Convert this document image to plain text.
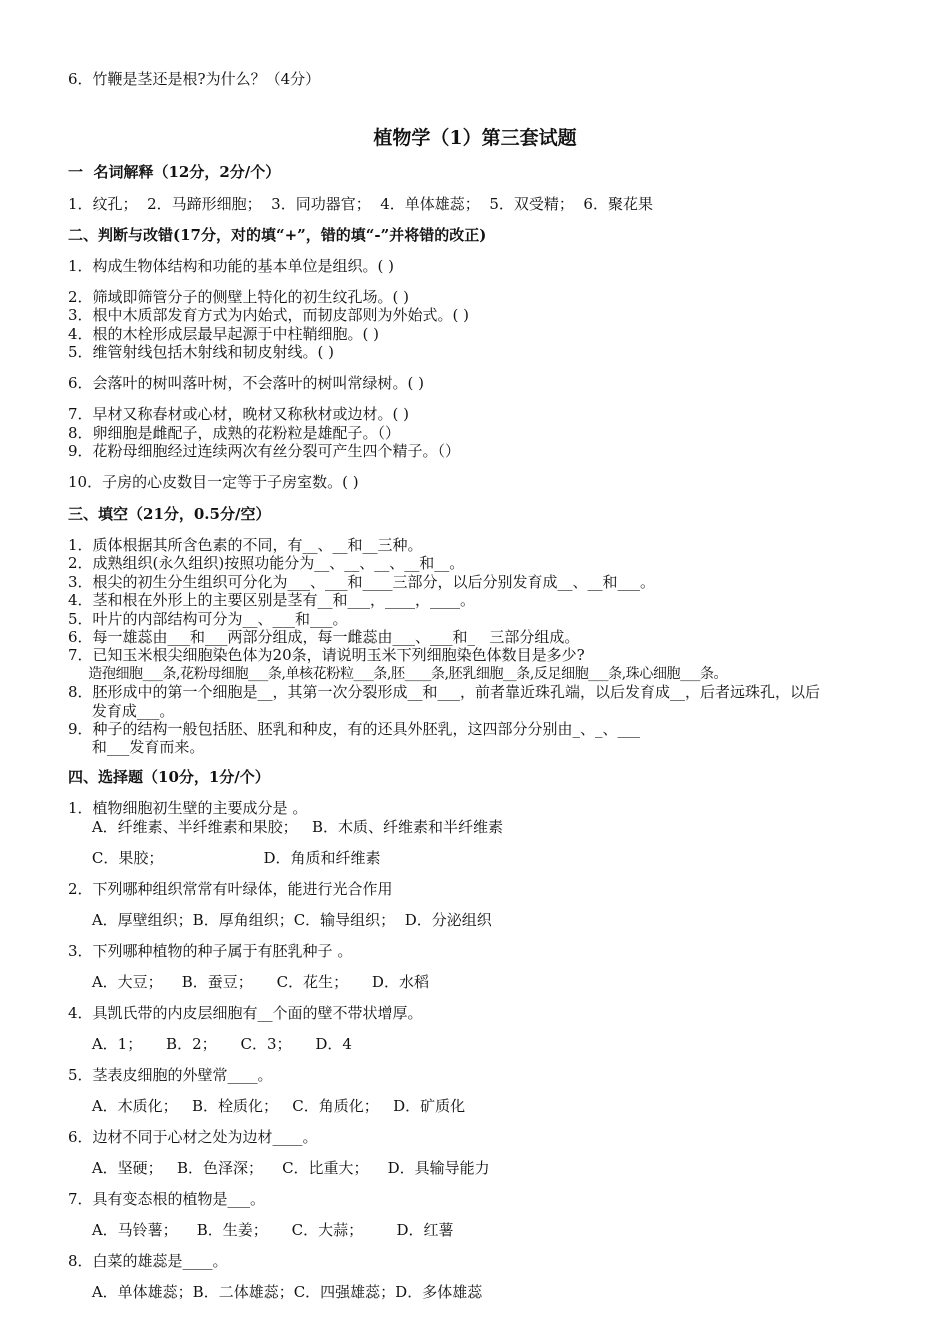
6．竹鞭是茎还是根?为什么？（4分）
植物学（1）第三套试题
一  名词解释（12分，2分/个）
1．纹孔；  2．马蹄形细胞；  3．同功器官；  4．单体雄蕊；  5．双受精；  6．聚花果
二、判断与改错(17分，对的填“+”，错的填“-”并将错的改正)
1．构成生物体结构和功能的基本单位是组织。( )
2．筛域即筛管分子的侧壁上特化的初生纹孔场。( )
3．根中木质部发育方式为内始式，而韧皮部则为外始式。( )
4．根的木栓形成层最早起源于中柱鞘细胞。( )
5．维管射线包括木射线和韧皮射线。( )
6．会落叶的树叫落叶树，不会落叶的树叫常绿树。( )
7．早材又称春材或心材，晚材又称秋材或边材。( )
8．卵细胞是雌配子，成熟的花粉粒是雄配子。（）
9．花粉母细胞经过连续两次有丝分裂可产生四个精子。（）
10．子房的心皮数目一定等于子房室数。( )
三、填空（21分，0.5分/空）
1．质体根据其所含色素的不同，有__、__和__三种。
2．成熟组织(永久组织)按照功能分为__、__、__、__和__。
3．根尖的初生分生组织可分化为___、___和____三部分，以后分别发育成__、__和___。
4．茎和根在外形上的主要区别是茎有__和___，____，____。
5．叶片的内部结构可分为__、___和___。
6．每一雄蕊由___和___两部分组成，每一雌蕊由___、___和_   三部分组成。
7．已知玉米根尖细胞染色体为20条，请说明玉米下列细胞染色体数目是多少?
造孢细胞___条,花粉母细胞___条,单核花粉粒___条,胚____条,胚乳细胞__条,反足细胞___条,珠心细胞___条。
8．胚形成中的第一个细胞是__，其第一次分裂形成__和___，前者靠近珠孔端，以后发育成__，后者远珠孔，以后
发育成___。
9．种子的结构一般包括胚、胚乳和种皮，有的还具外胚乳，这四部分分别由_、_、___
和___发育而来。
四、选择题（10分，1分/个）
1．植物细胞初生壁的主要成分是 。
A．纤维素、半纤维素和果胶；   B．木质、纤维素和半纤维素
C．果胶；                     D．角质和纤维素
2．下列哪种组织常常有叶绿体，能进行光合作用
A．厚壁组织；B．厚角组织；C．输导组织；  D．分泌组织
3．下列哪种植物的种子属于有胚乳种子 。
A．大豆；    B．蚕豆；     C．花生；     D．水稻
4．具凯氏带的内皮层细胞有__个面的壁不带状增厚。
A．1；     B．2；     C．3；     D．4
5．茎表皮细胞的外壁常____。
A．木质化；   B．栓质化；   C．角质化；   D．矿质化
6．边材不同于心材之处为边材____。
A．坚硬；   B．色泽深；    C．比重大；    D．具输导能力
7．具有变态根的植物是___。
A．马铃薯；    B．生姜；     C．大蒜；       D．红薯
8．白菜的雄蕊是____。
A．单体雄蕊；B．二体雄蕊；C．四强雄蕊；D．多体雄蕊
